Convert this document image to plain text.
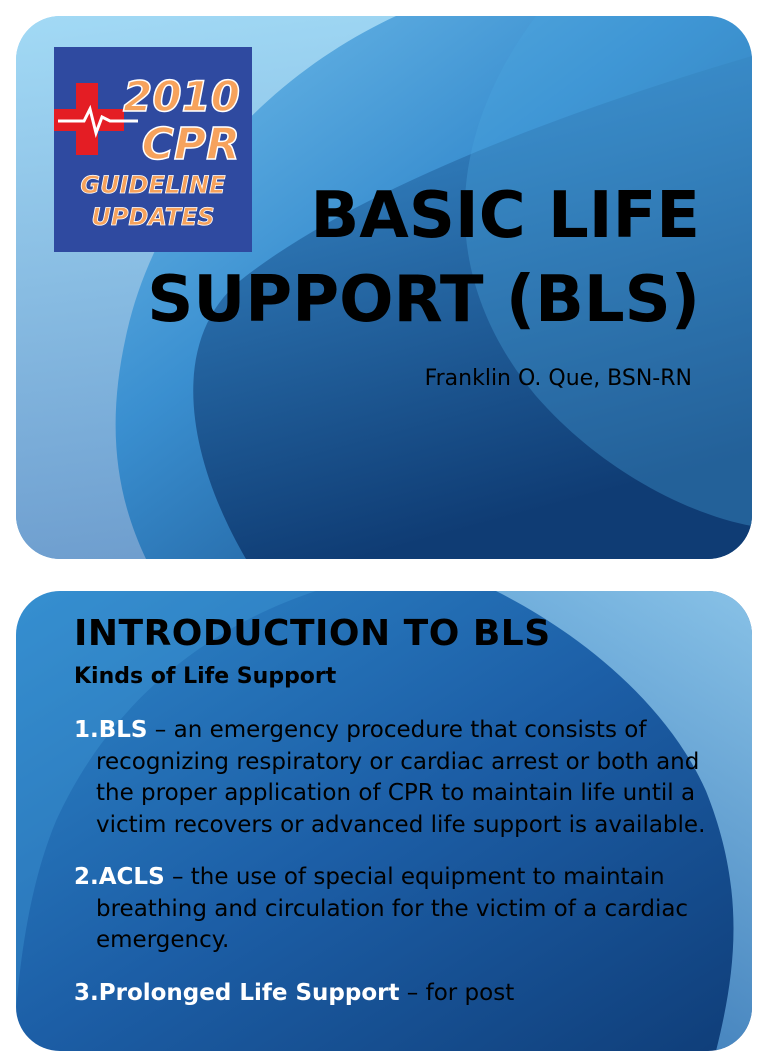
2010
CPR
GUIDELINE
UPDATES	BASIC LIFE
SUPPORT (BLS)

Franklin O. Que, BSN-RN

INTRODUCTION TO BLS

Kinds of Life Support

1.BLS – an emergency procedure that consists of recognizing respiratory or cardiac arrest or both and the proper application of CPR to maintain life until a victim recovers or advanced life support is available.
2.ACLS – the use of special equipment to maintain breathing and circulation for the victim of a cardiac emergency.
3.Prolonged Life Support – for post
